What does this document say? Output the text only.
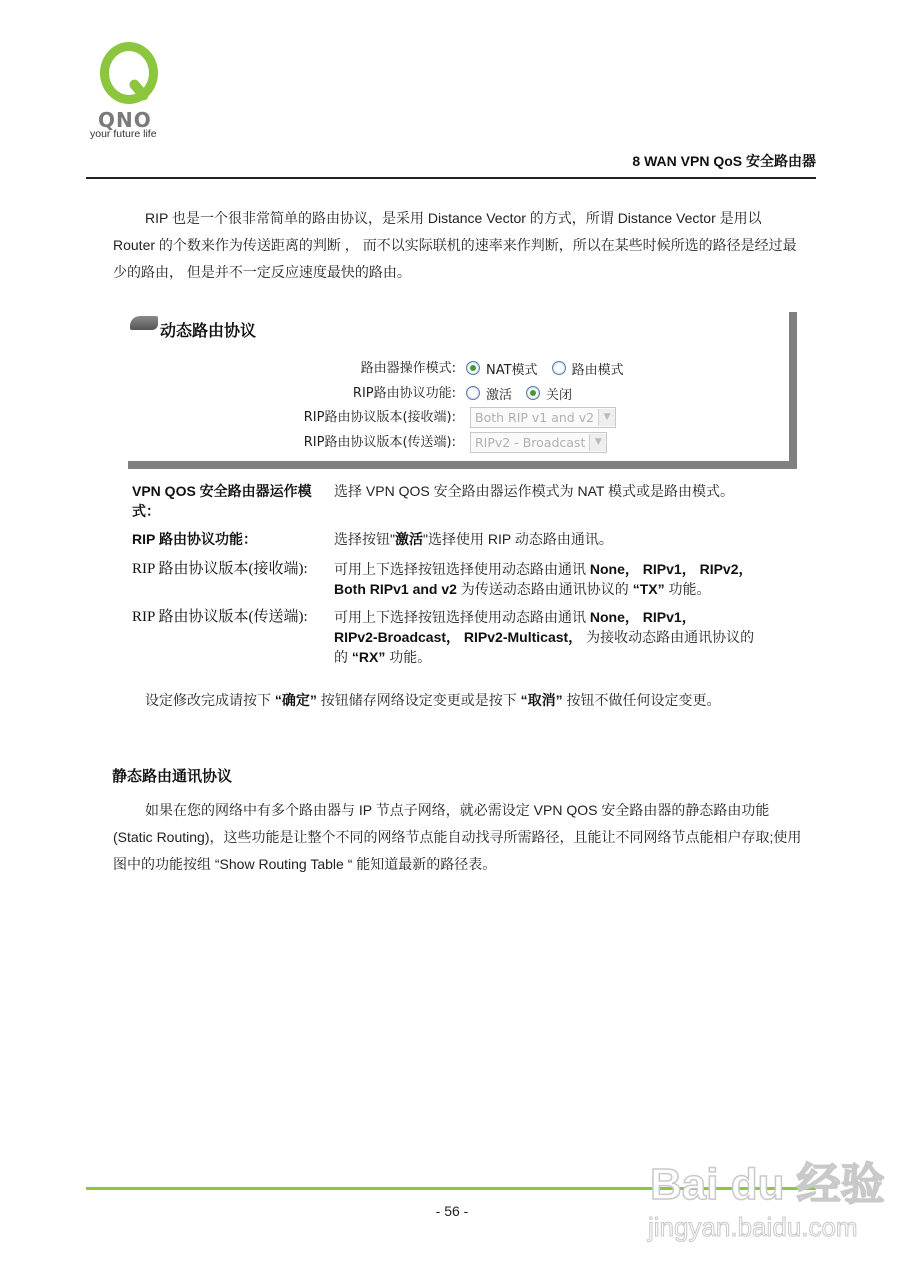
QNO
your future life
8 WAN VPN QoS 安全路由器
RIP 也是一个很非常简单的路由协议，是采用 Distance Vector 的方式，所谓 Distance Vector 是用以 Router 的个数来作为传送距离的判断 ， 而不以实际联机的速率来作判断，所以在某些时候所选的路径是经过最少的路由， 但是并不一定反应速度最快的路由。
动态路由协议
路由器操作模式: NAT模式	路由模式
RIP路由协议功能: 激活	关闭
RIP路由协议版本(接收端): Both RIP v1 and v2	▼
RIP路由协议版本(传送端): RIPv2 - Broadcast	▼
VPN QOS 安全路由器运作模式：
选择 VPN QOS 安全路由器运作模式为 NAT 模式或是路由模式。
RIP 路由协议功能：	选择按钮"激活"选择使用 RIP 动态路由通讯。
RIP 路由协议版本(接收端):	可用上下选择按钮选择使用动态路由通讯 None， RIPv1， RIPv2，
Both RIPv1 and v2 为传送动态路由通讯协议的 “TX” 功能。
RIP 路由协议版本(传送端):	可用上下选择按钮选择使用动态路由通讯 None， RIPv1，
RIPv2-Broadcast， RIPv2-Multicast， 为接收动态路由通讯协议的
的 “RX” 功能。
设定修改完成请按下 “确定” 按钮储存网络设定变更或是按下 “取消” 按钮不做任何设定变更。
静态路由通讯协议
如果在您的网络中有多个路由器与 IP 节点子网络，就必需设定 VPN QOS 安全路由器的静态路由功能(Static Routing)，这些功能是让整个不同的网络节点能自动找寻所需路径，且能让不同网络节点能相户存取;使用图中的功能按组 “Show Routing Table “ 能知道最新的路径表。
- 56 -
Bai du 经验
jingyan.baidu.com
